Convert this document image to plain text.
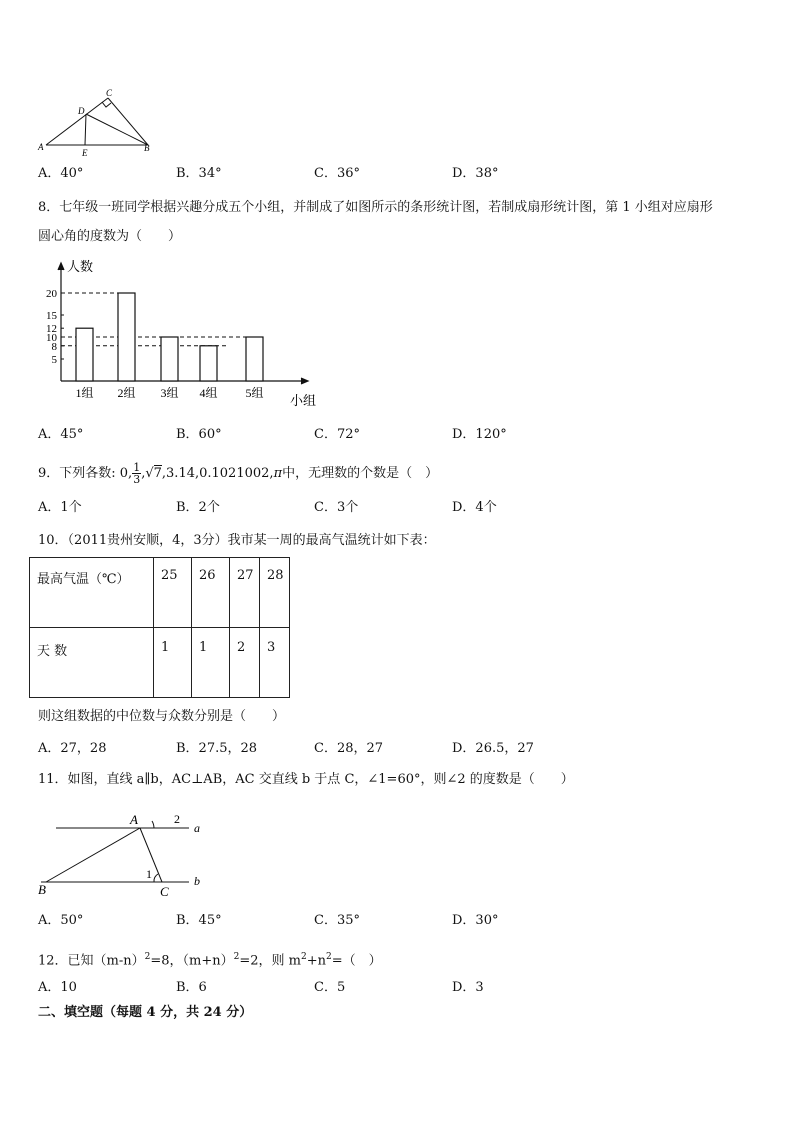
C
D
A
E	B
A．40°	B．34°	C．36°	D．38°
8．七年级一班同学根据兴趣分成五个小组，并制成了如图所示的条形统计图，若制成扇形统计图，第 1 小组对应扇形
圆心角的度数为（　　）
20
15
12
10
8
5
1组 2组 3组 4组 5组
人数
小组
A．45°	B．60°	C．72°	D．120°
9．下列各数: 0, $\frac{1}{3} ,√7,3.14,0.1021002,\pi$中，无理数的个数是（　）
A．1个	B．2个	C．3个	D．4个
10．（2011贵州安顺，4，3分）我市某一周的最高气温统计如下表：
最高气温（℃）	25	26	27	28
天 数	1	1	2	3
则这组数据的中位数与众数分别是（　　）
A．27，28	B．27.5，28	C．28，27	D．26.5，27
11．如图，直线 a∥b，AC⊥AB，AC 交直线 b 于点 C，∠1=60°，则∠2 的度数是（　　）
A	2
a
b
1
B	C
A．50°	B．45°	C．35°	D．30°
12．已知$(m-n)^2=8$，$(m+n)^2=2$，则 $m^2+n^2=$（　）
A．10	B．6	C．5	D．3
二、填空题（每题 4 分，共 24 分）
